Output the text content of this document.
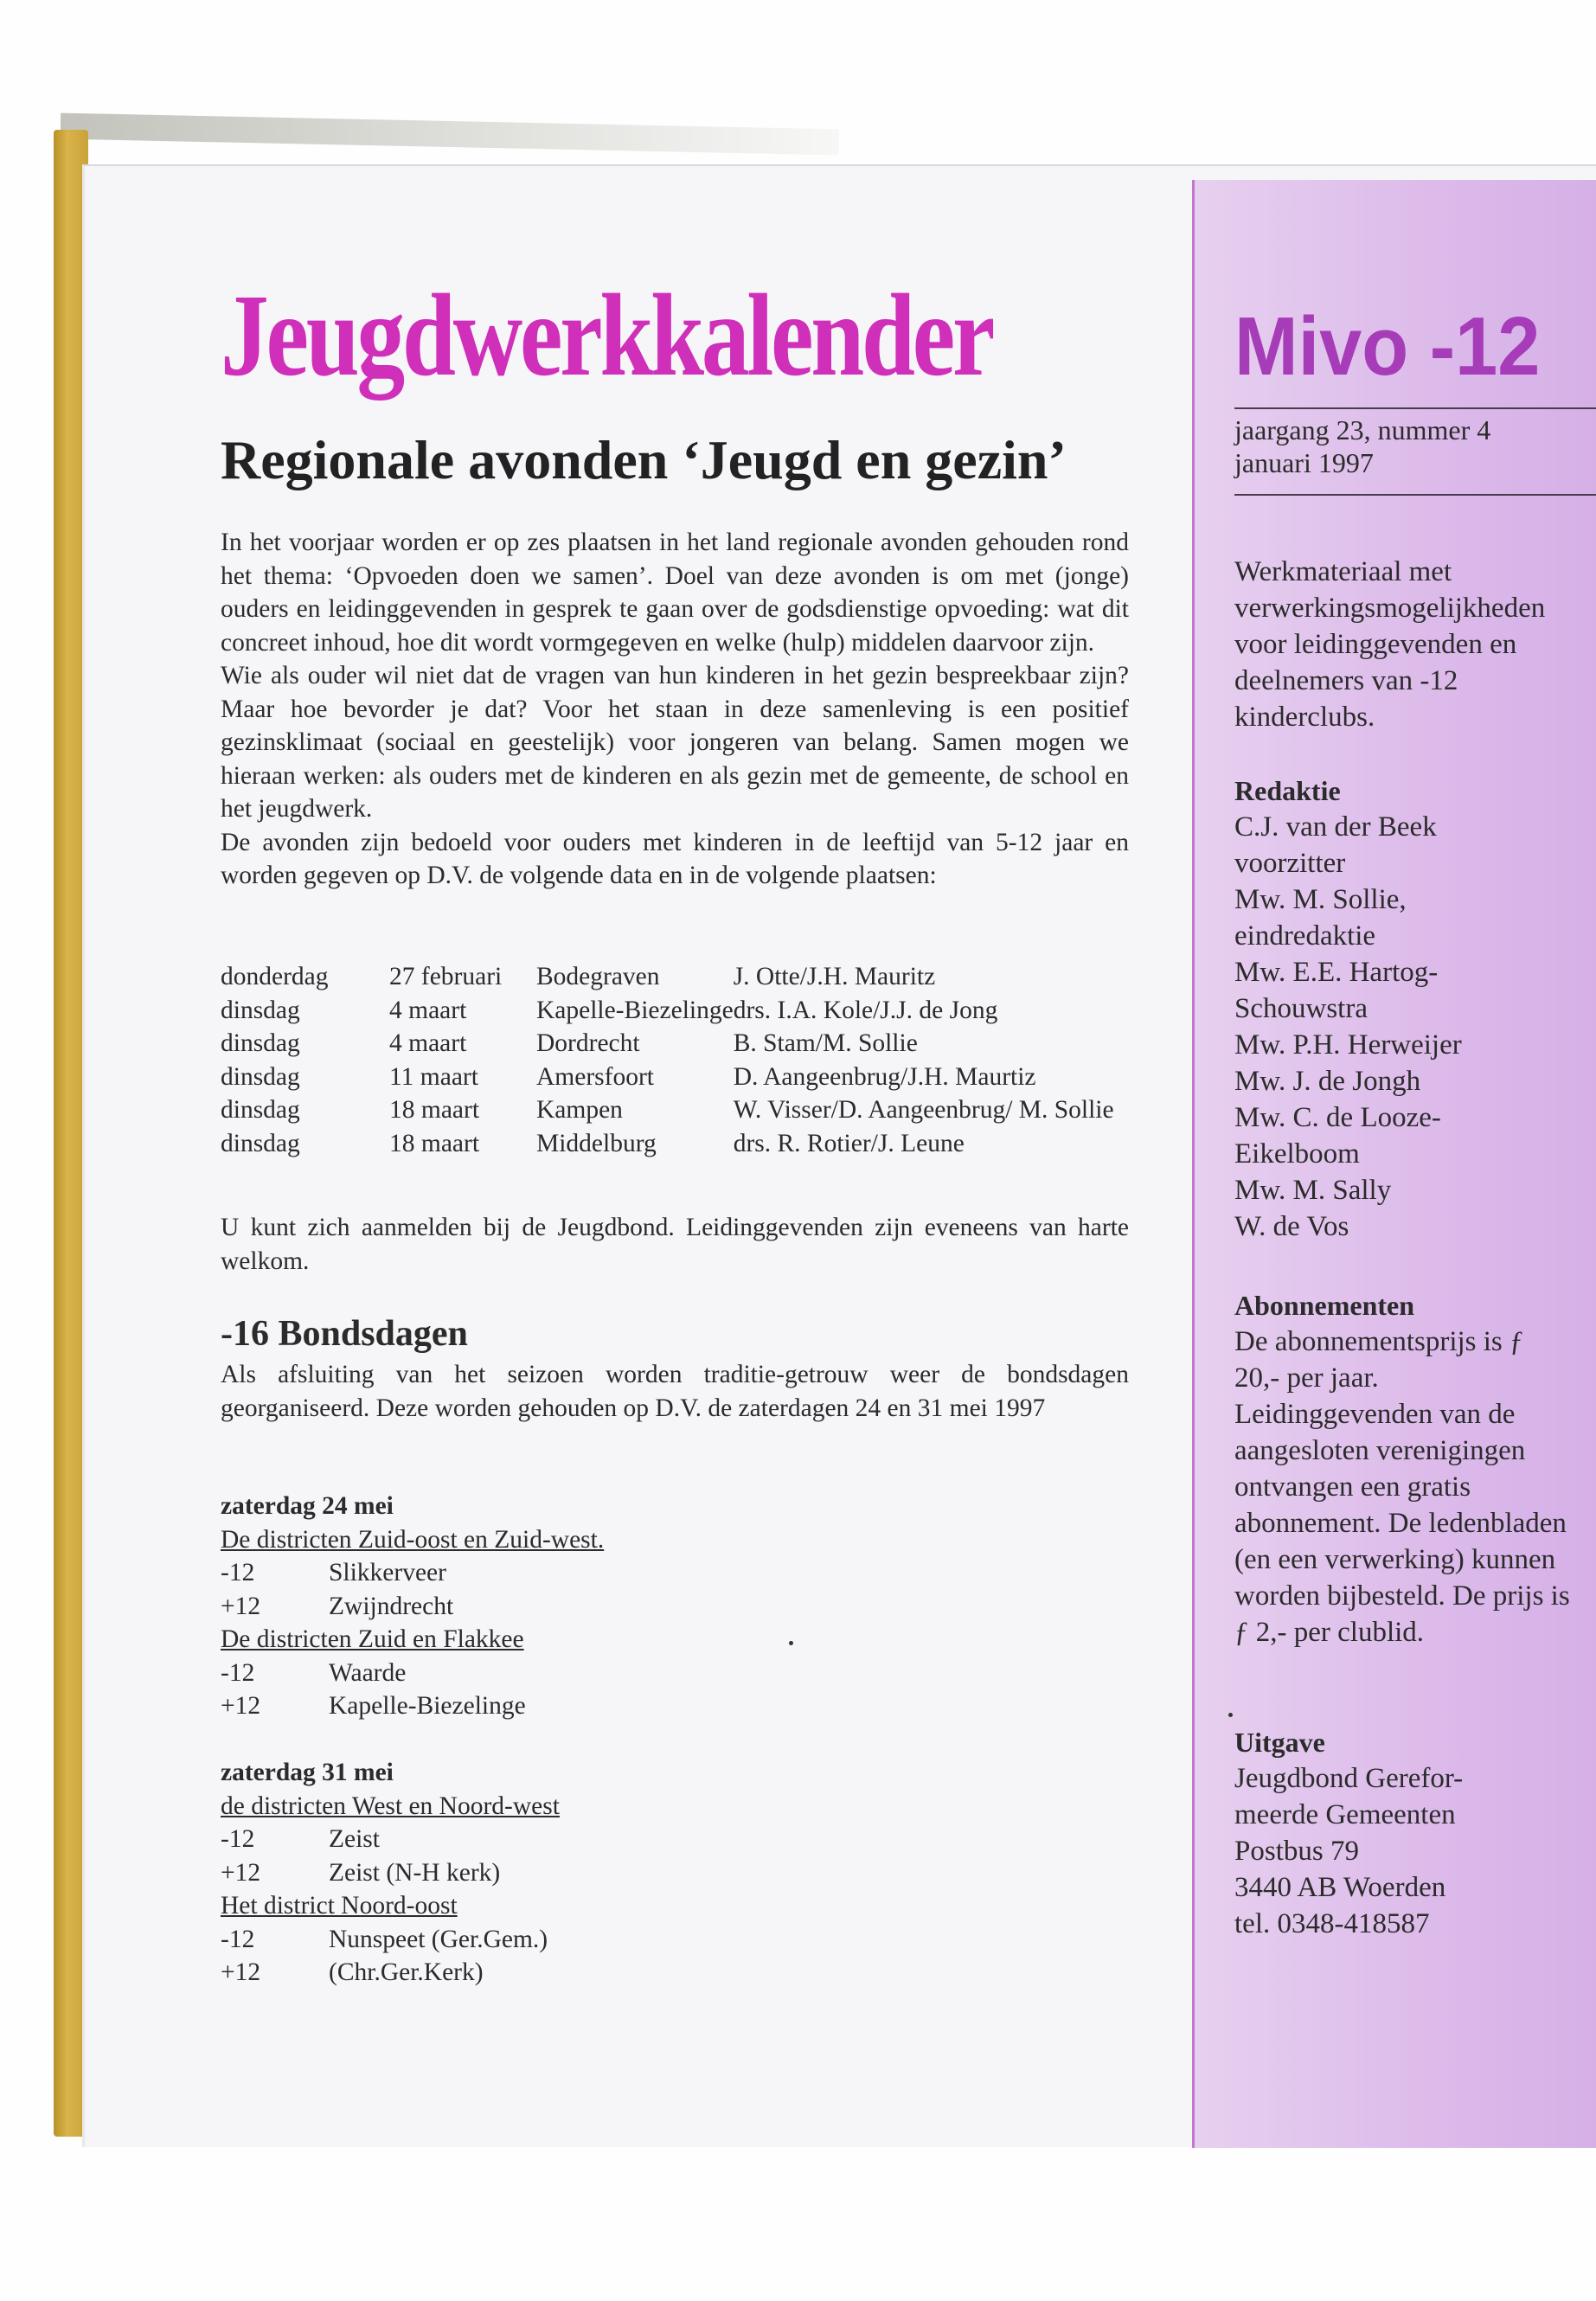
Jeugdwerkkalender
Regionale avonden ‘Jeugd en gezin’

In het voorjaar worden er op zes plaatsen in het land regionale avonden gehouden rond het thema: ‘Opvoeden doen we samen’. Doel van deze avonden is om met (jonge) ouders en leidinggevenden in gesprek te gaan over de godsdienstige opvoeding: wat dit concreet inhoud, hoe dit wordt vormgegeven en welke (hulp) middelen daarvoor zijn.

Wie als ouder wil niet dat de vragen van hun kinderen in het gezin bespreekbaar zijn? Maar hoe bevorder je dat? Voor het staan in deze samenleving is een positief gezinsklimaat (sociaal en geestelijk) voor jongeren van belang. Samen mogen we hieraan werken: als ouders met de kinderen en als gezin met de gemeente, de school en het jeugdwerk.

De avonden zijn bedoeld voor ouders met kinderen in de leeftijd van 5-12 jaar en worden gegeven op D.V. de volgende data en in de volgende plaatsen:

donderdag	27 februari	Bodegraven	J. Otte/J.H. Mauritz
dinsdag	4 maart	Kapelle-Biezelinge	drs. I.A. Kole/J.J. de Jong
dinsdag	4 maart	Dordrecht	B. Stam/M. Sollie
dinsdag	11 maart	Amersfoort	D. Aangeenbrug/J.H. Maurtiz
dinsdag	18 maart	Kampen	W. Visser/D. Aangeenbrug/ M. Sollie
dinsdag	18 maart	Middelburg	drs. R. Rotier/J. Leune
U kunt zich aanmelden bij de Jeugdbond. Leidinggevenden zijn eveneens van harte welkom.
-16 Bondsdagen
Als afsluiting van het seizoen worden traditie-getrouw weer de bondsdagen georganiseerd. Deze worden gehouden op D.V. de zaterdagen 24 en 31 mei 1997
zaterdag 24 mei
De districten Zuid-oost en Zuid-west.
-12	Slikkerveer
+12	Zwijndrecht
De districten Zuid en Flakkee
-12	Waarde
+12	Kapelle-Biezelinge
zaterdag 31 mei
de districten West en Noord-west
-12	Zeist
+12	Zeist (N-H kerk)
Het district Noord-oost
-12	Nunspeet (Ger.Gem.)
+12	(Chr.Ger.Kerk)
Mivo -12
jaargang 23, nummer 4
januari 1997
Werkmateriaal met verwerkingsmogelijkheden voor leidinggevenden en deelnemers van -12 kinderclubs.
Redaktie
C.J. van der Beek
voorzitter
Mw. M. Sollie,
eindredaktie
Mw. E.E. Hartog-
Schouwstra
Mw. P.H. Herweijer
Mw. J. de Jongh
Mw. C. de Looze-
Eikelboom
Mw. M. Sally
W. de Vos
Abonnementen
De abonnementsprijs is ƒ 20,- per jaar. Leidinggevenden van de aangesloten verenigingen ontvangen een gratis abonnement. De ledenbladen (en een verwerking) kunnen worden bijbesteld. De prijs is ƒ 2,- per clublid.
Uitgave
Jeugdbond Gerefor-
meerde Gemeenten
Postbus 79
3440 AB Woerden
tel. 0348-418587
